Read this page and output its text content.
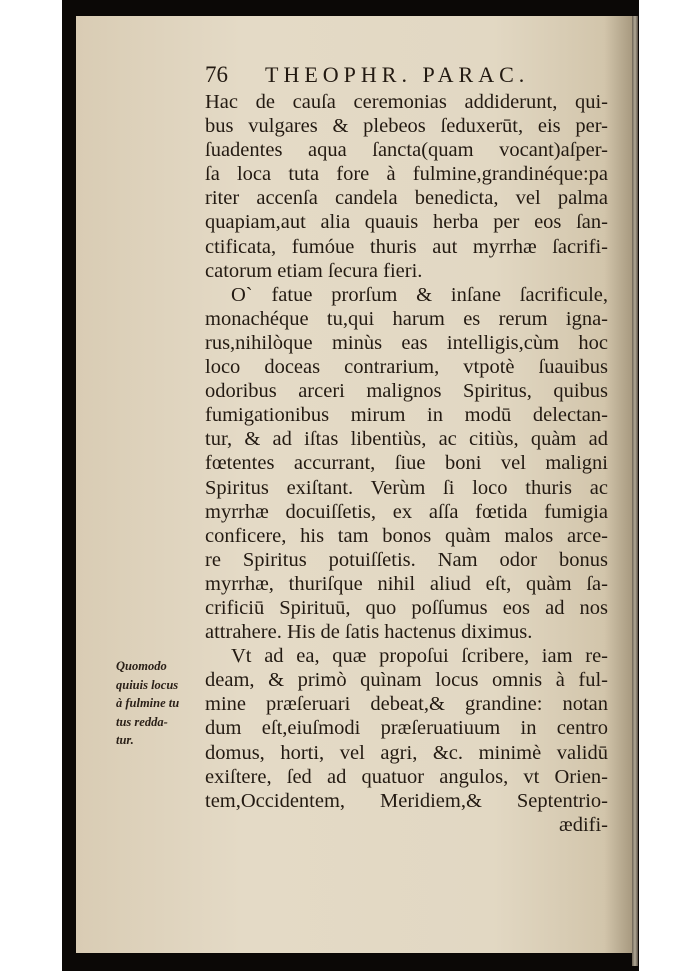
76 THEOPHR. PARAC.
Hac de cauſa ceremonias addiderunt, qui-
bus vulgares & plebeos ſeduxerūt, eis per-
ſuadentes aqua ſancta(quam vocant)aſper-
ſa loca tuta fore à fulmine,grandinéque:pa
riter accenſa candela benedicta, vel palma
quapiam,aut alia quauis herba per eos ſan-
ctificata, fumóue thuris aut myrrhæ ſacrifi-
catorum etiam ſecura fieri.
O` fatue prorſum & inſane ſacrificule,
monachéque tu,qui harum es rerum igna-
rus,nihilòque minùs eas intelligis,cùm hoc
loco doceas contrarium, vtpotè ſuauibus
odoribus arceri malignos Spiritus, quibus
fumigationibus mirum in modū delectan-
tur, & ad iſtas libentiùs, ac citiùs, quàm ad
fœtentes accurrant, ſiue boni vel maligni
Spiritus exiſtant. Verùm ſi loco thuris ac
myrrhæ docuiſſetis, ex aſſa fœtida fumigia
conficere, his tam bonos quàm malos arce-
re Spiritus potuiſſetis. Nam odor bonus
myrrhæ, thuriſque nihil aliud eſt, quàm ſa-
crificiū Spirituū, quo poſſumus eos ad nos
attrahere. His de ſatis hactenus diximus.
Vt ad ea, quæ propoſui ſcribere, iam re-
deam, & primò quìnam locus omnis à ful-
mine præſeruari debeat,& grandine: notan
dum eſt,eiuſmodi præſeruatiuum in centro
domus, horti, vel agri, &c. minimè validū
exiſtere, ſed ad quatuor angulos, vt Orien-
tem,Occidentem, Meridiem,& Septentrio-
ædifi-
Quomodo
quiuis locus
à fulmine tu
tus redda-
tur.
